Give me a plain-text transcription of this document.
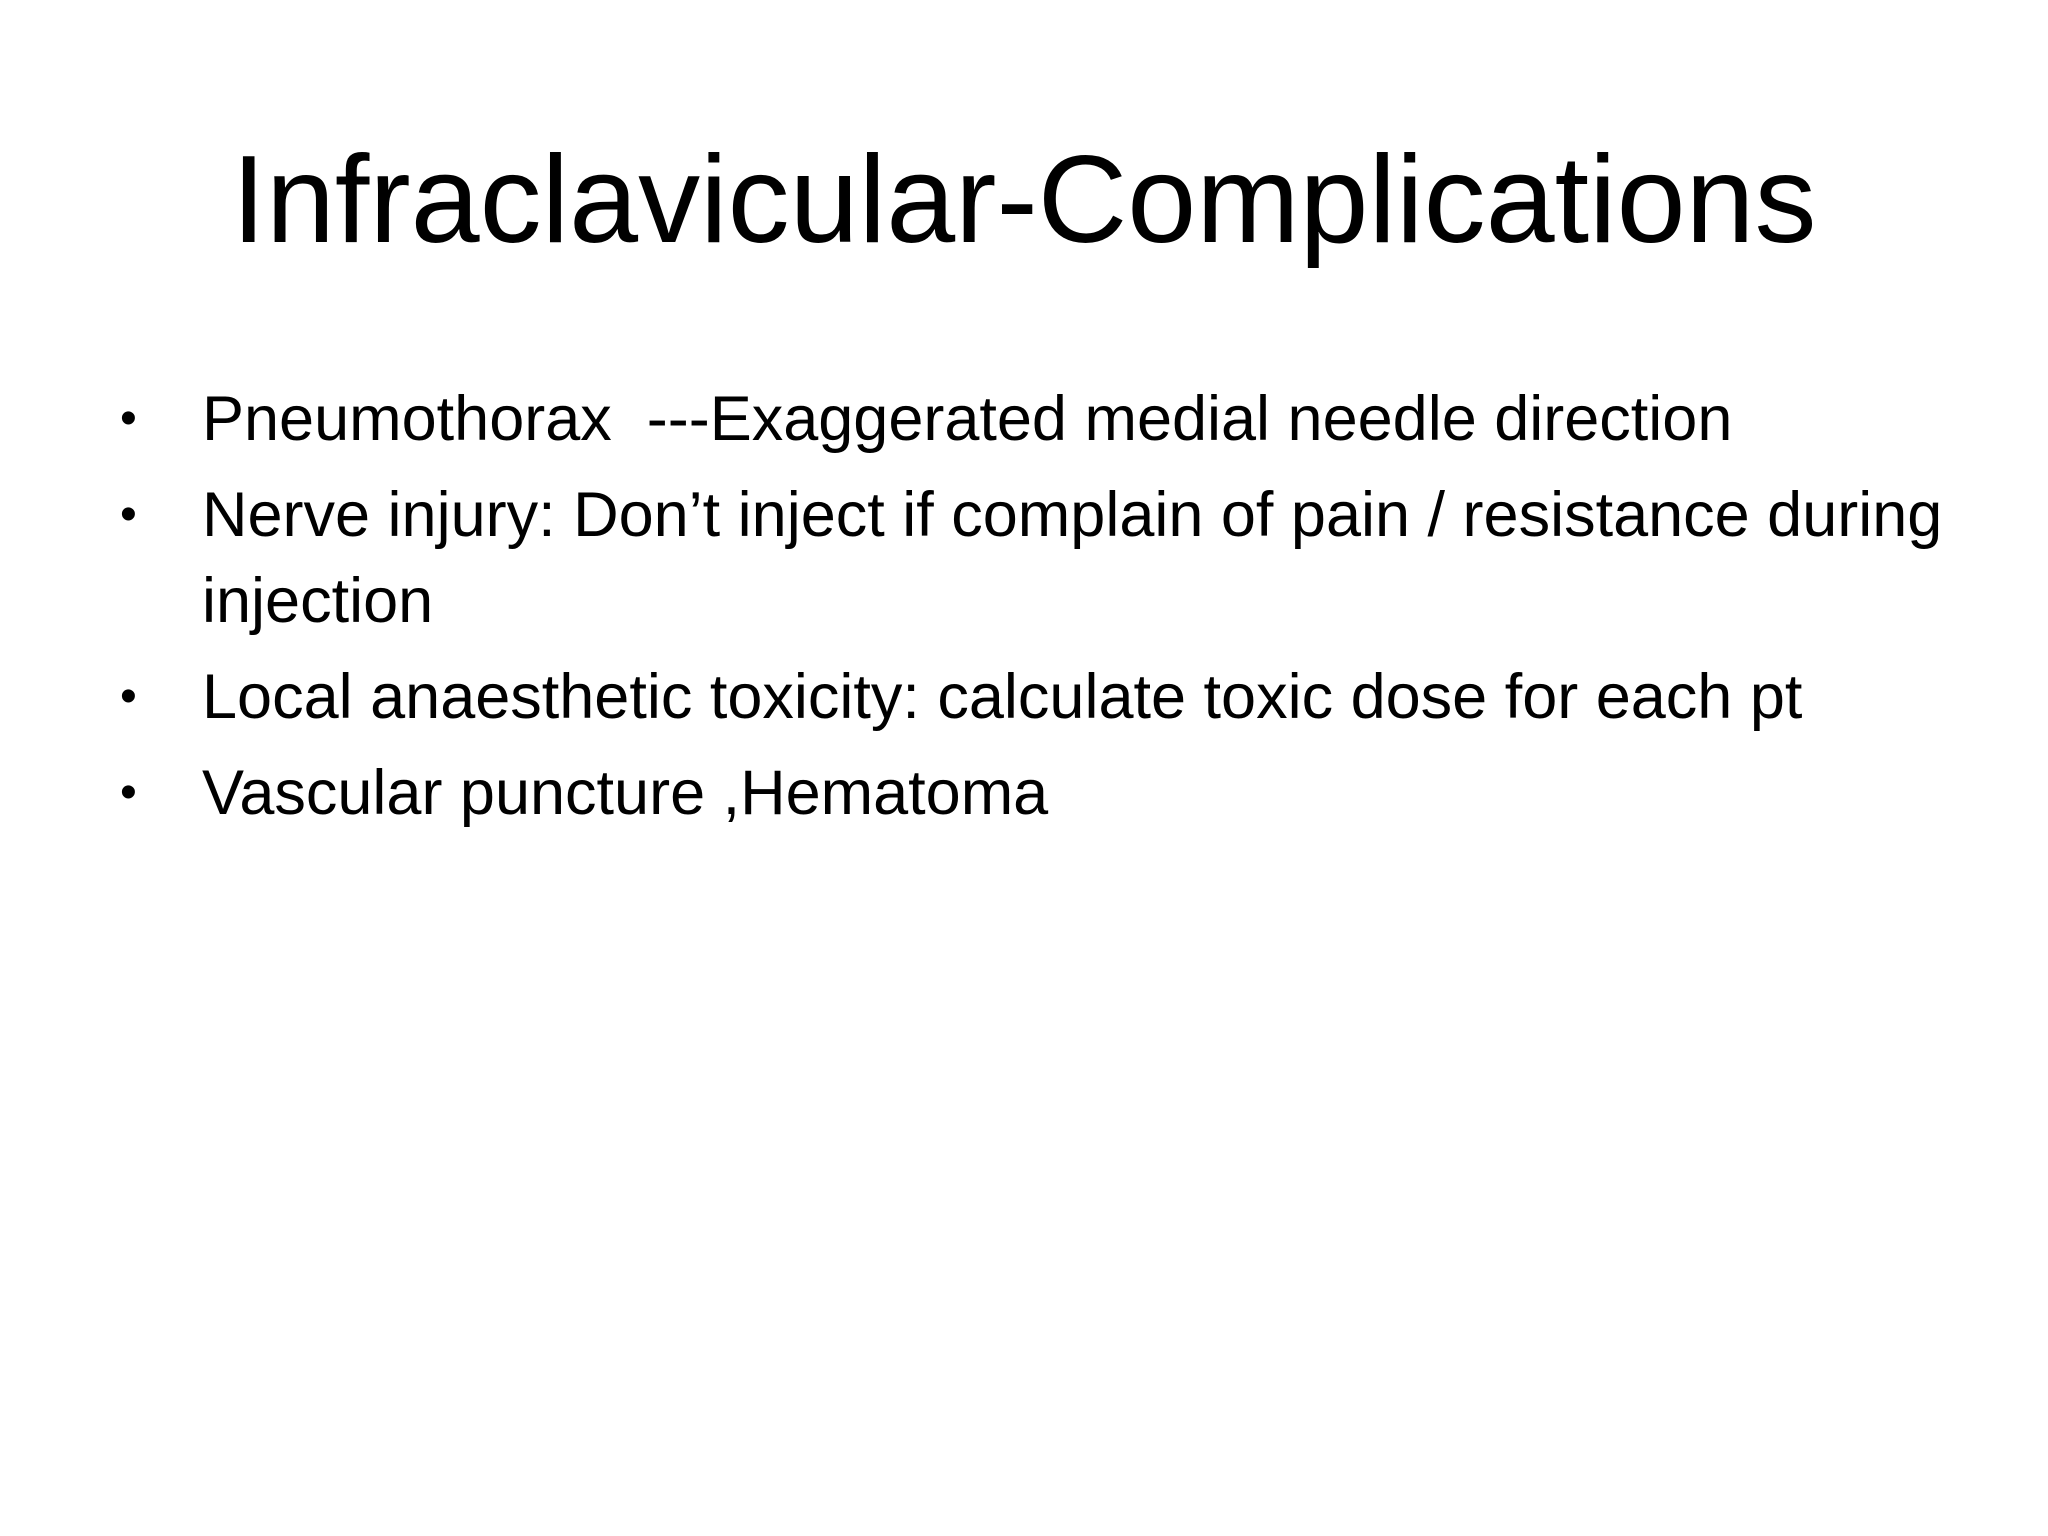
Infraclavicular-Complications
• Pneumothorax  ---Exaggerated medial needle direction
• Nerve injury: Don’t inject if complain of pain / resistance during injection
• Local anaesthetic toxicity: calculate toxic dose for each pt
• Vascular puncture ,Hematoma
